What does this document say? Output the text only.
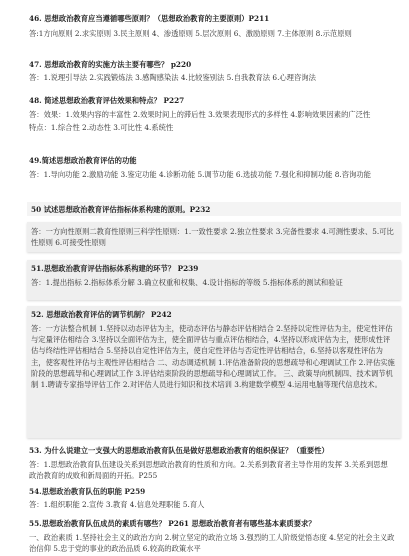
46. 思想政治教育应当遵循哪些原则？（思想政治教育的主要原则）P211
答:1方向原则 2.求实原则 3.民主原则 4、渗透原则 5.层次原则 6、激励原则 7.主体原则 8.示范原则
47. 思想政治教育的实施方法主要有哪些？ p220
答：1.说理引导法 2.实践锻炼法 3.感陶感染法 4.比较鉴别法 5.自我教育法 6.心理咨询法
48. 简述思想政治教育评估效果和特点？ P227
答：效果：1.效果内容的丰富性 2.效果时间上的滞后性 3.效果表现形式的多样性 4.影响效果因素的广泛性
特点：1.综合性 2.动态性 3.可比性 4.系统性
49.简述思想政治教育评估的功能
答：1.导向功能 2.激励功能 3.鉴定功能 4.诊断功能 5.调节功能 6.选拔功能 7.强化和抑制功能 8.咨询功能
50 试述思想政治教育评估指标体系构建的原则。P232
答：一方向性原则二教育性原则三科学性原则：1.一致性要求 2.独立性要求 3.完备性要求 4.可测性要求、5.可比性原则 6.可接受性原则
51.思想政治教育评估指标体系构建的环节？ P239
答：1.提出指标 2.指标体系分解 3.确立权重和权集、4.设计指标的等级 5.指标体系的测试和验证
52. 思想政治教育评估的调节机制？ P242
答：一方法整合机制 1.坚持以动态评估为主，使动态评估与静态评估相结合 2.坚持以定性评估为主，使定性评估与定量评估相结合 3.坚持以全面评估为主，使全面评估与重点评估相结合，4.坚持以形成评估为主，使形成性评估与终结性评估相结合 5.坚持以自定性评估为主，使自定性评估与否定性评估相结合，6.坚持以客观性评估为主，使客观性评估与主观性评估相结合 二、动态调适机制 1.评估准备阶段的思想疏导和心理调试工作 2.评估实施阶段的思想疏导和心理调试工作 3.评估结束阶段的思想疏导和心理调试工作。 三、政策导向机制四、技术调节机制 1.聘请专家指导评估工作 2.对评估人员进行知识和技术培训 3.构建数学模型 4.运用电脑等现代信息技术。
53. 为什么说建立一支强大的思想政治教育队伍是做好思想政治教育的组织保证？（重要性）
答：1.思想政治教育队伍建设关系到思想政治教育的性质和方向。2.关系到教育者主导作用的发挥 3.关系到思想政治教育的成败和新局面的开拓。P255
54.思想政治教育队伍的职能 P259
答：1.组织职能 2.宣传 3.教育 4.信息处理职能 5.育人
55.思想政治教育队伍成员的素质有哪些？ P261 思想政治教育者有哪些基本素质要求？
一、政治素质 1.坚持社会主义的政治方向 2.树立坚定的政治立场 3.强烈的工人阶级觉悟态度 4.坚定的社会主义政治信仰 5.忠于党的事业的政治品质 6.较高的政策水平
